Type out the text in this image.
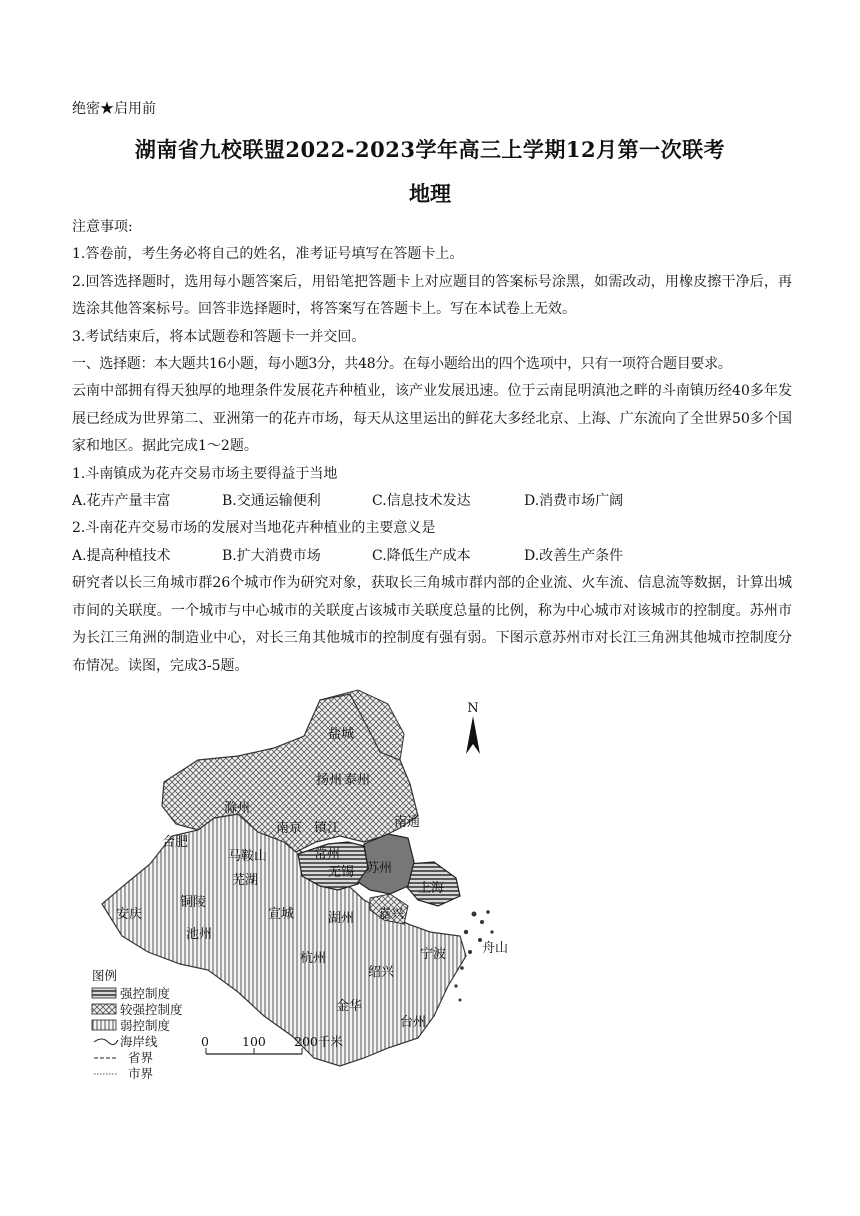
绝密★启用前
湖南省九校联盟2022-2023学年高三上学期12月第一次联考
地理

注意事项:

1.答卷前，考生务必将自己的姓名，准考证号填写在答题卡上。

2.回答选择题时，选用每小题答案后，用铅笔把答题卡上对应题目的答案标号涂黑，如需改动，用橡皮擦干净后，再选涂其他答案标号。回答非选择题时，将答案写在答题卡上。写在本试卷上无效。

3.考试结束后，将本试题卷和答题卡一并交回。

一、选择题：本大题共16小题，每小题3分，共48分。在每小题给出的四个选项中，只有一项符合题目要求。

云南中部拥有得天独厚的地理条件发展花卉种植业，该产业发展迅速。位于云南昆明滇池之畔的斗南镇历经40多年发展已经成为世界第二、亚洲第一的花卉市场，每天从这里运出的鲜花大多经北京、上海、广东流向了全世界50多个国家和地区。据此完成1～2题。

1.斗南镇成为花卉交易市场主要得益于当地

A.花卉产量丰富	B.交通运输便利	C.信息技术发达	D.消费市场广阔

2.斗南花卉交易市场的发展对当地花卉种植业的主要意义是

A.提高种植技术	B.扩大消费市场	C.降低生产成本	D.改善生产条件

研究者以长三角城市群26个城市作为研究对象，获取长三角城市群内部的企业流、火车流、信息流等数据，计算出城市间的关联度。一个城市与中心城市的关联度占该城市关联度总量的比例，称为中心城市对该城市的控制度。苏州市为长江三角洲的制造业中心，对长三角其他城市的控制度有强有弱。下图示意苏州市对长江三角洲其他城市控制度分布情况。读图，完成3-5题。

N
盐城
扬州 泰州
滁州
南通
南京 镇江
常州
无锡 苏州
上海
合肥
马鞍山
芜湖
铜陵
安庆
池州
宣城	湖州 嘉兴
舟山
杭州
绍兴
宁波
金华
台州
图例
强控制度
较强控制度
弱控制度
海岸线
省界
市界
0	100 200千米
